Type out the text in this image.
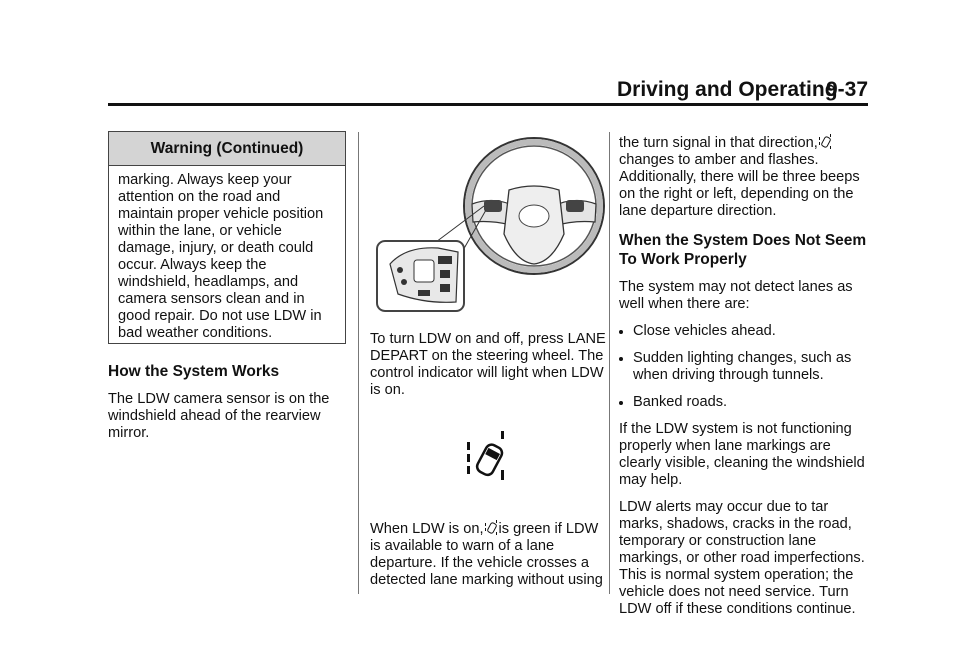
Driving and Operating
9-37
Warning (Continued)

marking. Always keep your attention on the road and maintain proper vehicle position within the lane, or vehicle damage, injury, or death could occur. Always keep the windshield, headlamps, and camera sensors clean and in good repair. Do not use LDW in bad weather conditions.

How the System Works

The LDW camera sensor is on the windshield ahead of the rearview mirror.

To turn LDW on and off, press LANE DEPART on the steering wheel. The control indicator will light when LDW is on.

When LDW is on, is green if LDW is available to warn of a lane departure. If the vehicle crosses a detected lane marking without using

the turn signal in that direction, changes to amber and flashes. Additionally, there will be three beeps on the right or left, depending on the lane departure direction.

When the System Does Not Seem To Work Properly

The system may not detect lanes as well when there are:

Close vehicles ahead.

Sudden lighting changes, such as when driving through tunnels.

Banked roads.

If the LDW system is not functioning properly when lane markings are clearly visible, cleaning the windshield may help.

LDW alerts may occur due to tar marks, shadows, cracks in the road, temporary or construction lane markings, or other road imperfections. This is normal system operation; the vehicle does not need service. Turn LDW off if these conditions continue.
